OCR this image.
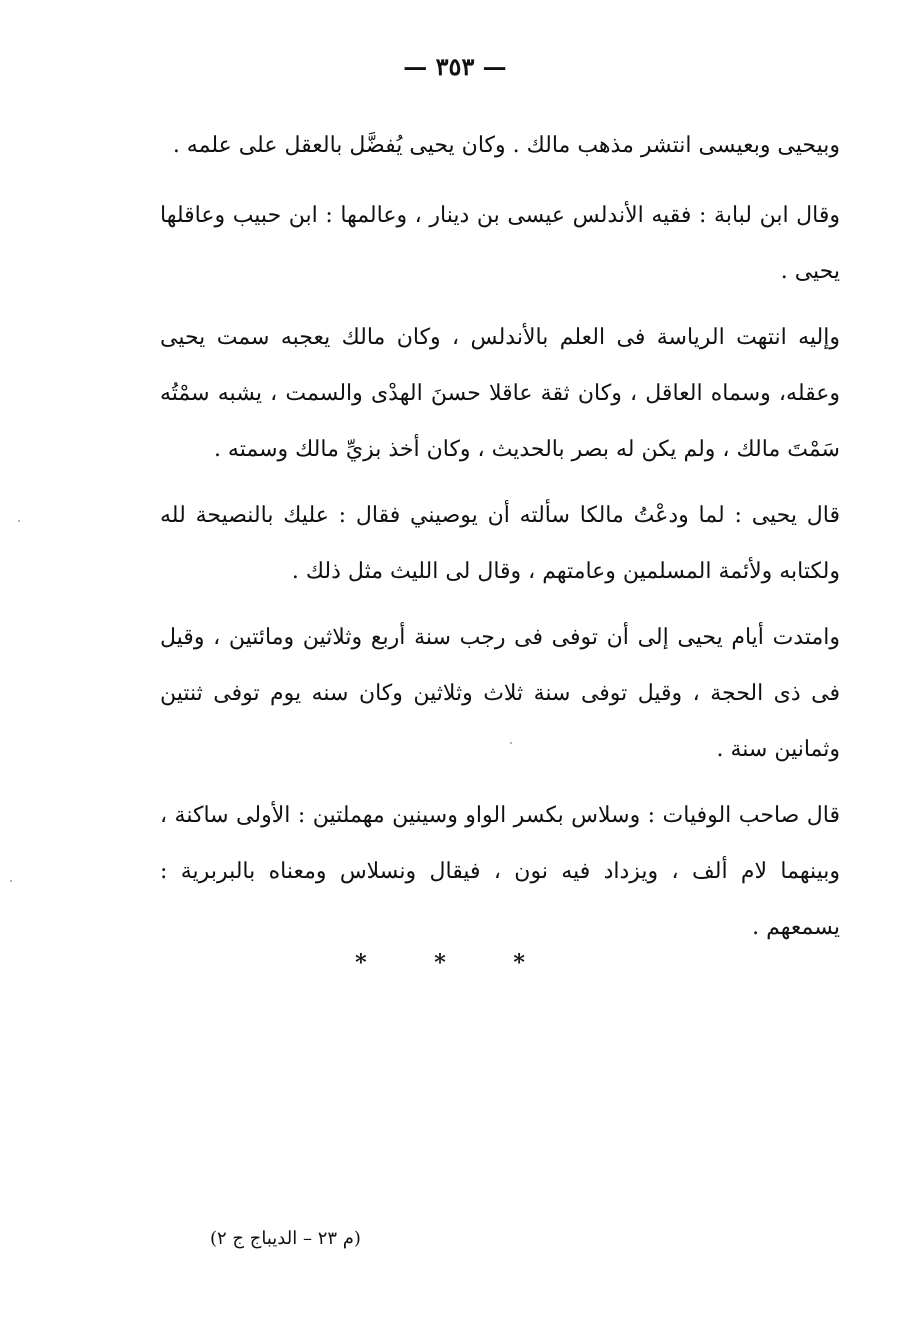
— ٣٥٣ —

وبيحيى وبعيسى انتشر مذهب مالك . وكان يحيى يُفضَّل بالعقل على علمه .

وقال ابن لبابة : فقيه الأندلس عيسى بن دينار ، وعالمها : ابن حبيب وعاقلها يحيى .

وإليه انتهت الرياسة فى العلم بالأندلس ، وكان مالك يعجبه سمت يحيى وعقله، وسماه العاقل ، وكان ثقة عاقلا حسنَ الهدْى والسمت ، يشبه سمْتُه سَمْتَ مالك ، ولم يكن له بصر بالحديث ، وكان أخذ بزيِّ مالك وسمته .

قال يحيى : لما ودعْتُ مالكا سألته أن يوصيني فقال : عليك بالنصيحة لله ولكتابه ولأئمة المسلمين وعامتهم ، وقال لى الليث مثل ذلك .

وامتدت أيام يحيى إلى أن توفى فى رجب سنة أربع وثلاثين ومائتين ، وقيل فى ذى الحجة ، وقيل توفى سنة ثلاث وثلاثين وكان سنه يوم توفى ثنتين وثمانين سنة .

قال صاحب الوفيات : وسلاس بكسر الواو وسينين مهملتين : الأولى ساكنة ، وبينهما لام ألف ، ويزداد فيه نون ، فيقال ونسلاس ومعناه بالبربرية : يسمعهم .

* * *
(م ٢٣ – الديباج ج ٢)
